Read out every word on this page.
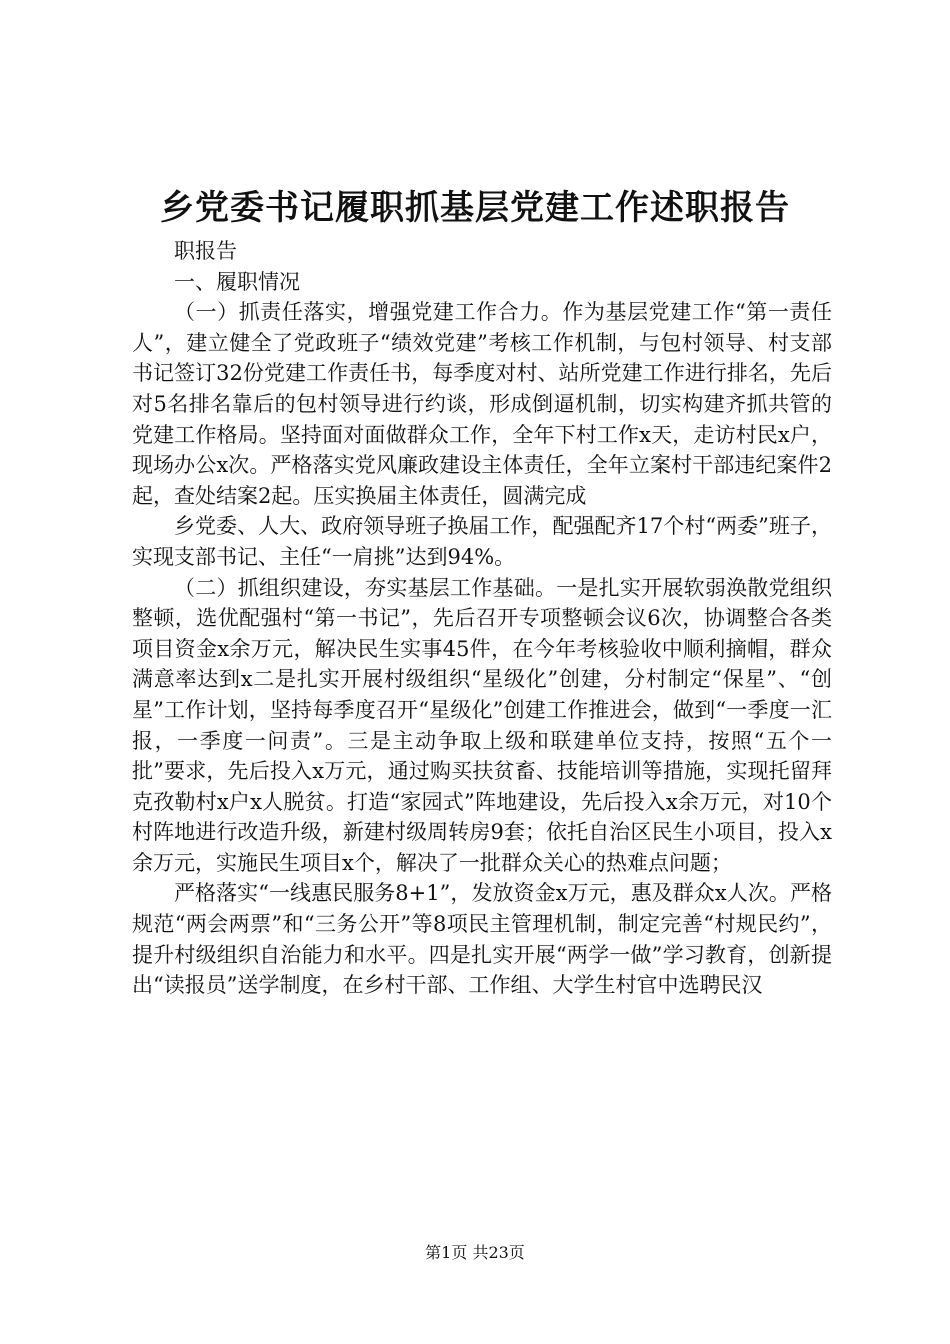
乡党委书记履职抓基层党建工作述职报告

职报告

一、履职情况

（一）抓责任落实，增强党建工作合力。作为基层党建工作“第一责任人”，建立健全了党政班子“绩效党建”考核工作机制，与包村领导、村支部书记签订32份党建工作责任书，每季度对村、站所党建工作进行排名，先后对5名排名靠后的包村领导进行约谈，形成倒逼机制，切实构建齐抓共管的党建工作格局。坚持面对面做群众工作，全年下村工作x天，走访村民x户，现场办公x次。严格落实党风廉政建设主体责任，全年立案村干部违纪案件2起，查处结案2起。压实换届主体责任，圆满完成

乡党委、人大、政府领导班子换届工作，配强配齐17个村“两委”班子，实现支部书记、主任“一肩挑”达到94%。

（二）抓组织建设，夯实基层工作基础。一是扎实开展软弱涣散党组织整顿，选优配强村“第一书记”，先后召开专项整顿会议6次，协调整合各类项目资金x余万元，解决民生实事45件，在今年考核验收中顺利摘帽，群众满意率达到x二是扎实开展村级组织“星级化”创建，分村制定“保星”、“创星”工作计划，坚持每季度召开“星级化”创建工作推进会，做到“一季度一汇报，一季度一问责”。三是主动争取上级和联建单位支持，按照“五个一批”要求，先后投入x万元，通过购买扶贫畜、技能培训等措施，实现托留拜克孜勒村x户x人脱贫。打造“家园式”阵地建设，先后投入x余万元，对10个村阵地进行改造升级，新建村级周转房9套；依托自治区民生小项目，投入x余万元，实施民生项目x个，解决了一批群众关心的热难点问题；

严格落实“一线惠民服务8+1”，发放资金x万元，惠及群众x人次。严格规范“两会两票”和“三务公开”等8项民主管理机制，制定完善“村规民约”，提升村级组织自治能力和水平。四是扎实开展“两学一做”学习教育，创新提出“读报员”送学制度，在乡村干部、工作组、大学生村官中选聘民汉

第1页 共23页
